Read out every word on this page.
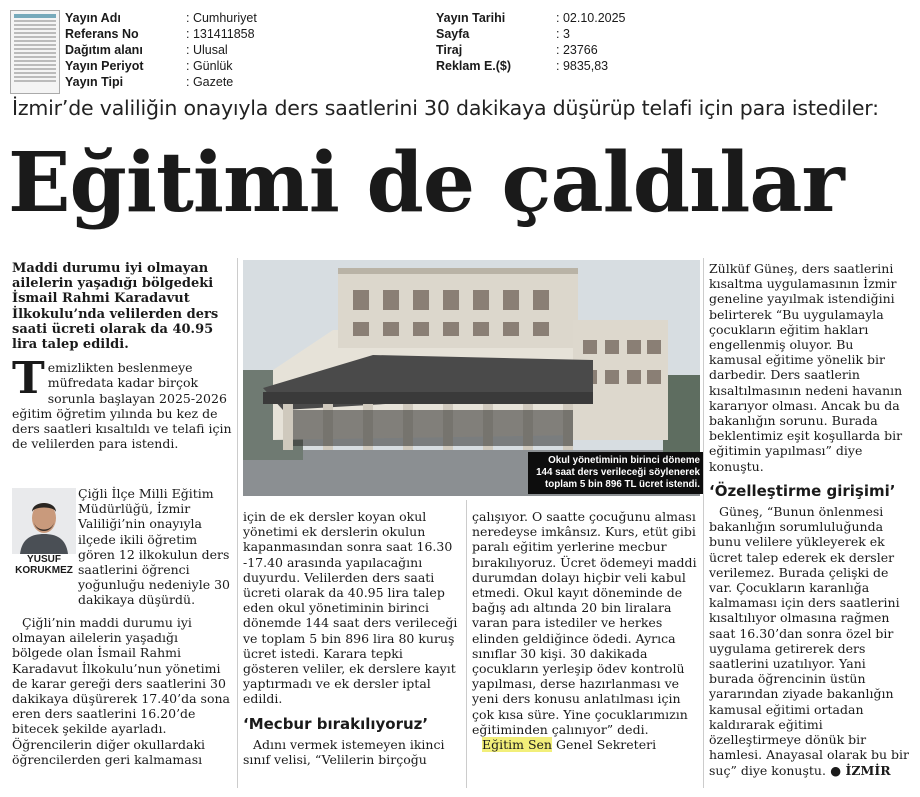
Yayın Adı	: Cumhuriyet
Referans No	: 131411858
Dağıtım alanı	: Ulusal
Yayın Periyot	: Günlük
Yayın Tipi	: Gazete
Yayın Tarihi	: 02.10.2025
Sayfa	: 3
Tiraj	: 23766
Reklam E.($)	: 9835,83
İzmir’de valiliğin onayıyla ders saatlerini 30 dakikaya düşürüp telafi için para istediler:
Eğitimi de çaldılar

Maddi durumu iyi olmayan ailelerin yaşadığı bölgedeki İsmail Rahmi Karadavut İlkokulu’nda velilerden ders saati ücreti olarak da 40.95 lira talep edildi.

Temizlikten beslenmeye müfredata kadar birçok sorunla başlayan 2025-2026 eğitim öğretim yılında bu kez de ders saatleri kısaltıldı ve telafi için de velilerden para istendi.

YUSUF KORUKMEZ

Çiğli İlçe Milli Eğitim Müdürlüğü, İzmir Valiliği’nin onayıyla ilçede ikili öğretim gören 12 ilkokulun ders saatlerini öğrenci yoğunluğu nedeniyle 30 dakikaya düşürdü.

Çiğli’nin maddi durumu iyi olmayan ailelerin yaşadığı bölgede olan İsmail Rahmi Karadavut İlkokulu’nun yönetimi de karar gereği ders saatlerini 30 dakikaya düşürerek 17.40’da sona eren ders saatlerini 16.20’de bitecek şekilde ayarladı. Öğrencilerin diğer okullardaki öğrencilerden geri kalmaması

Okul yönetiminin birinci döneme 144 saat ders verileceği söylenerek toplam 5 bin 896 TL ücret istendi.

için de ek dersler koyan okul yönetimi ek derslerin okulun kapanmasından sonra saat 16.30 -17.40 arasında yapılacağını duyurdu. Velilerden ders saati ücreti olarak da 40.95 lira talep eden okul yönetiminin birinci dönemde 144 saat ders verileceği ve toplam 5 bin 896 lira 80 kuruş ücret istedi. Karara tepki gösteren veliler, ek derslere kayıt yaptırmadı ve ek dersler iptal edildi.

‘Mecbur bırakılıyoruz’

Adını vermek istemeyen ikinci sınıf velisi, “Velilerin birçoğu

çalışıyor. O saatte çocuğunu alması neredeyse imkânsız. Kurs, etüt gibi paralı eğitim yerlerine mecbur bırakılıyoruz. Ücret ödemeyi maddi durumdan dolayı hiçbir veli kabul etmedi. Okul kayıt döneminde de bağış adı altında 20 bin liralara varan para istediler ve herkes elinden geldiğince ödedi. Ayrıca sınıflar 30 kişi. 30 dakikada çocukların yerleşip ödev kontrolü yapılması, derse hazırlanması ve yeni ders konusu anlatılması için çok kısa süre. Yine çocuklarımızın eğitiminden çalınıyor” dedi.

Eğitim Sen Genel Sekreteri

Zülküf Güneş, ders saatlerini kısaltma uygulamasının İzmir geneline yayılmak istendiğini belirterek “Bu uygulamayla çocukların eğitim hakları engellenmiş oluyor. Bu kamusal eğitime yönelik bir darbedir. Ders saatlerin kısaltılmasının nedeni havanın kararıyor olması. Ancak bu da bakanlığın sorunu. Burada beklentimiz eşit koşullarda bir eğitimin yapılması” diye konuştu.

‘Özelleştirme girişimi’

Güneş, “Bunun önlenmesi bakanlığın sorumluluğunda bunu velilere yükleyerek ek ücret talep ederek ek dersler verilemez. Burada çelişki de var. Çocukların karanlığa kalmaması için ders saatlerini kısaltılıyor olmasına rağmen saat 16.30’dan sonra özel bir uygulama getirerek ders saatlerini uzatılıyor. Yani burada öğrencinin üstün yararından ziyade bakanlığın kamusal eğitimi ortadan kaldırarak eğitimi özelleştirmeye dönük bir hamlesi. Anayasal olarak bu bir suç” diye konuştu. ● İZMİR
